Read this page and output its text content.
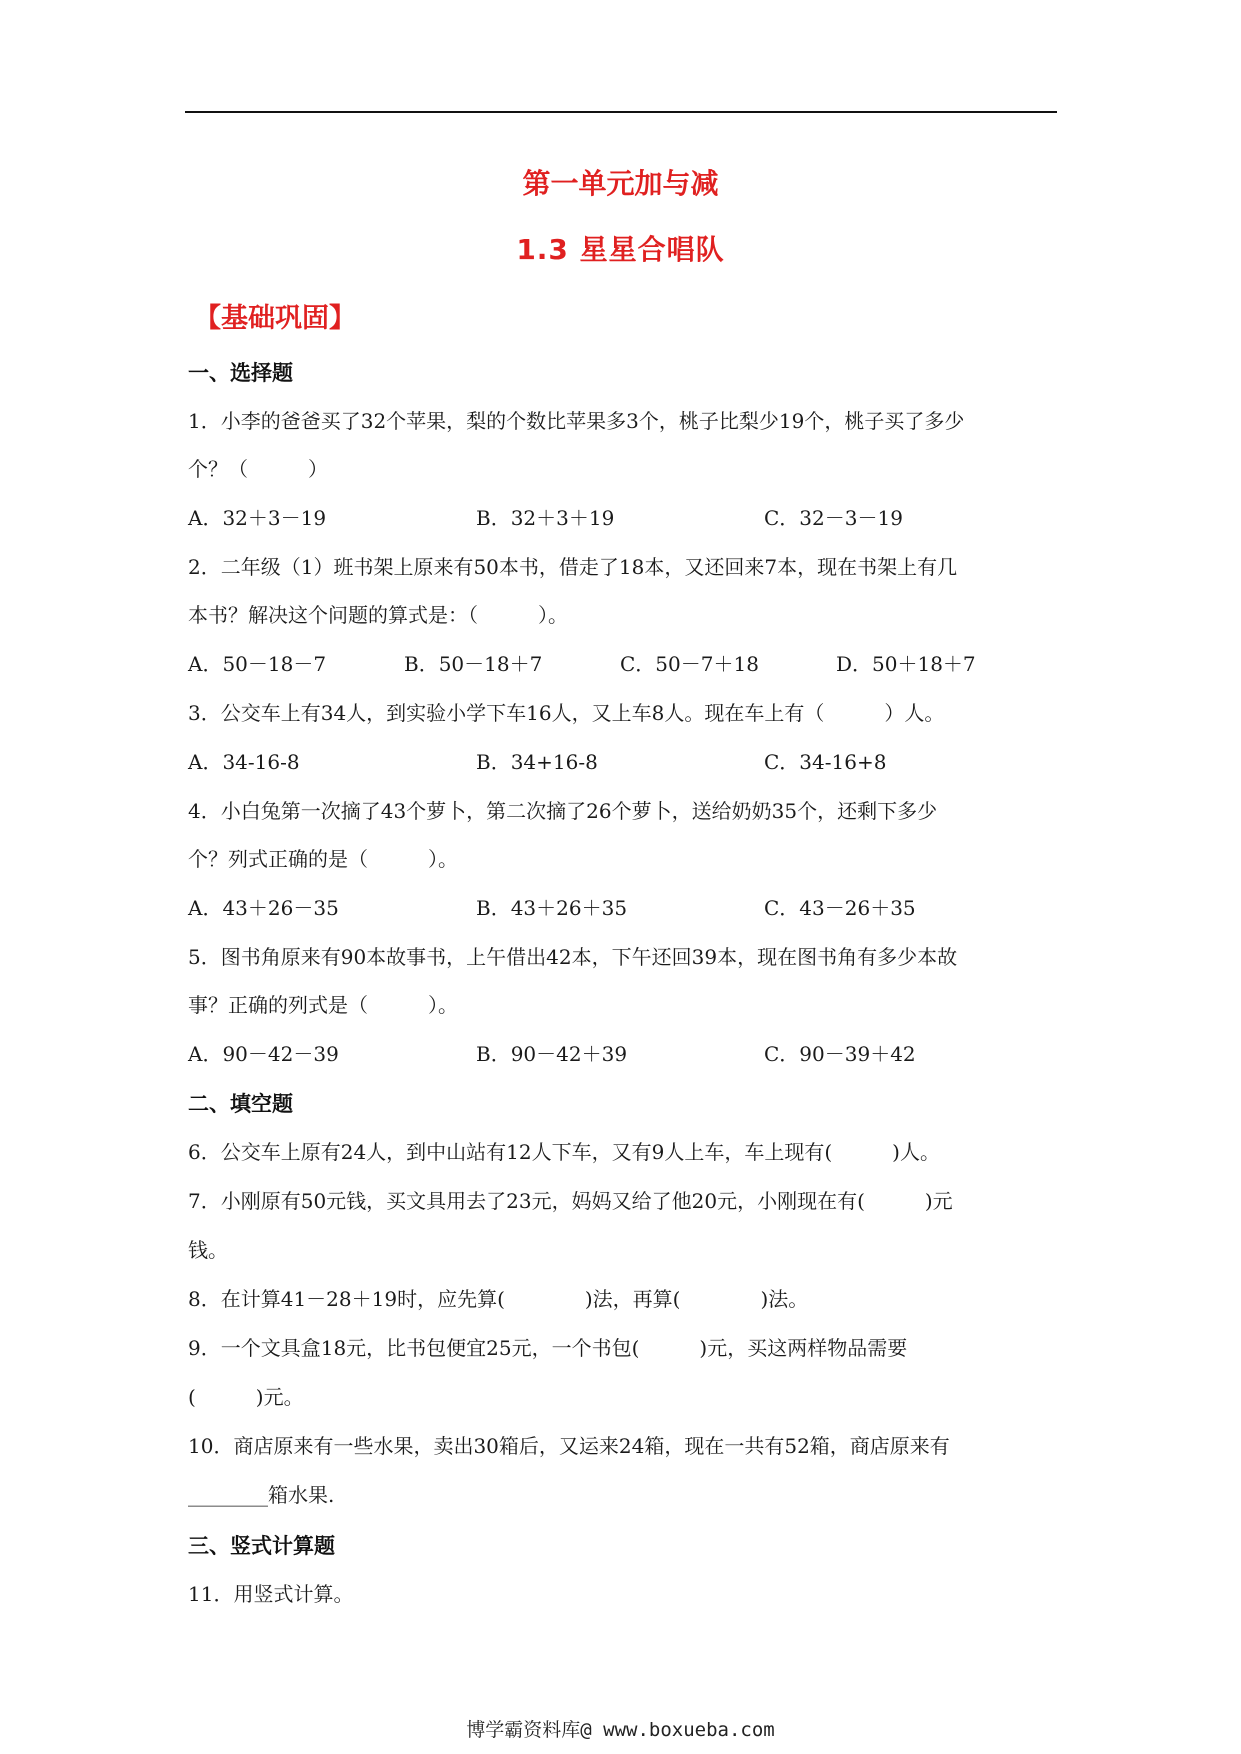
第一单元加与减
1.3 星星合唱队
【基础巩固】
一、选择题
1．小李的爸爸买了32个苹果，梨的个数比苹果多3个，桃子比梨少19个，桃子买了多少
个？（　　　）
A．32＋3－19	B．32＋3＋19	C．32－3－19
2．二年级（1）班书架上原来有50本书，借走了18本，又还回来7本，现在书架上有几
本书？解决这个问题的算式是：（　　　）。
A．50－18－7	B．50－18＋7	C．50－7＋18	D．50＋18＋7
3．公交车上有34人，到实验小学下车16人，又上车8人。现在车上有（　　　）人。
A．34-16-8	B．34+16-8	C．34-16+8
4．小白兔第一次摘了43个萝卜，第二次摘了26个萝卜，送给奶奶35个，还剩下多少
个？列式正确的是（　　　）。
A．43＋26－35	B．43＋26＋35	C．43－26＋35
5．图书角原来有90本故事书，上午借出42本，下午还回39本，现在图书角有多少本故
事？正确的列式是（　　　）。
A．90－42－39	B．90－42＋39	C．90－39＋42
二、填空题
6．公交车上原有24人，到中山站有12人下车，又有9人上车，车上现有(　　　)人。
7．小刚原有50元钱，买文具用去了23元，妈妈又给了他20元，小刚现在有(　　　)元
钱。
8．在计算41－28＋19时，应先算(　　　　)法，再算(　　　　)法。
9．一个文具盒18元，比书包便宜25元，一个书包(　　　)元，买这两样物品需要
(　　　)元。
10．商店原来有一些水果，卖出30箱后，又运来24箱，现在一共有52箱，商店原来有
________箱水果.
三、竖式计算题
11．用竖式计算。
博学霸资料库@ www.boxueba.com
